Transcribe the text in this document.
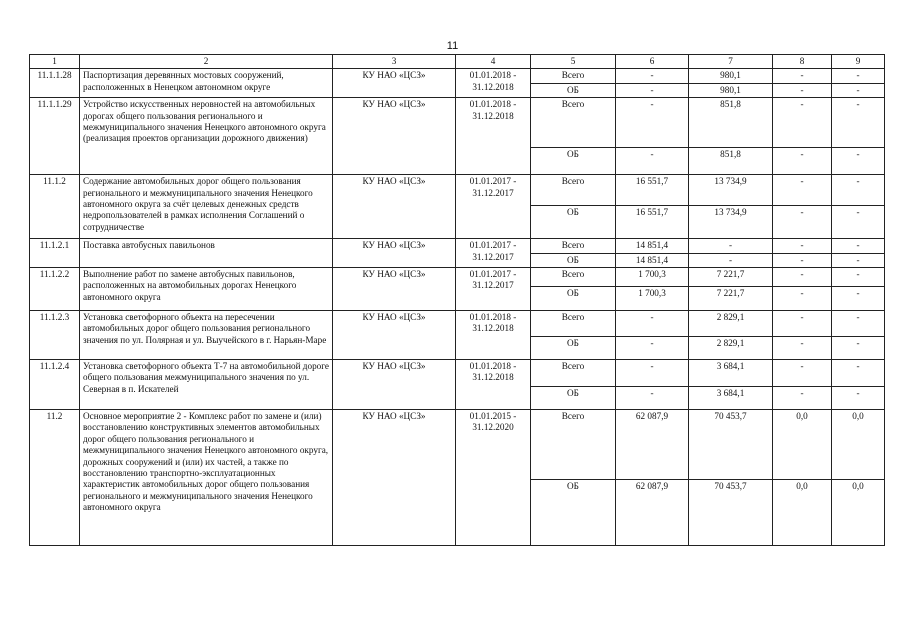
11
1	2	3	4	5	6	7	8	9
11.1.1.28	Паспортизация деревянных мостовых сооружений, расположенных в Ненецком автономном округе	КУ НАО «ЦСЗ»	01.01.2018 - 31.12.2018	Всего	-	980,1	-	-
				ОБ	-	980,1	-	-
11.1.1.29	Устройство искусственных неровностей на автомобильных дорогах общего пользования регионального и межмуниципального значения Ненецкого автономного округа (реализация проектов организации дорожного движения)	КУ НАО «ЦСЗ»	01.01.2018 - 31.12.2018	Всего	-	851,8	-	-
				ОБ	-	851,8	-	-
11.1.2	Содержание автомобильных дорог общего пользования регионального и межмуниципального значения Ненецкого автономного округа за счёт целевых денежных средств недропользователей в рамках исполнения Соглашений о сотрудничестве	КУ НАО «ЦСЗ»	01.01.2017 - 31.12.2017	Всего	16 551,7	13 734,9	-	-
				ОБ	16 551,7	13 734,9	-	-
11.1.2.1	Поставка автобусных павильонов	КУ НАО «ЦСЗ»	01.01.2017 - 31.12.2017	Всего	14 851,4	-	-	-
				ОБ	14 851,4	-	-	-
11.1.2.2	Выполнение работ по замене автобусных павильонов, расположенных на автомобильных дорогах Ненецкого автономного округа	КУ НАО «ЦСЗ»	01.01.2017 - 31.12.2017	Всего	1 700,3	7 221,7	-	-
				ОБ	1 700,3	7 221,7	-	-
11.1.2.3	Установка светофорного объекта на пересечении автомобильных дорог общего пользования регионального значения по ул. Полярная и ул. Выучейского в г. Нарьян-Маре	КУ НАО «ЦСЗ»	01.01.2018 - 31.12.2018	Всего	-	2 829,1	-	-
				ОБ	-	2 829,1	-	-
11.1.2.4	Установка светофорного объекта Т-7 на автомобильной дороге общего пользования межмуниципального значения по ул. Северная в п. Искателей	КУ НАО «ЦСЗ»	01.01.2018 - 31.12.2018	Всего	-	3 684,1	-	-
				ОБ	-	3 684,1	-	-
11.2	Основное мероприятие 2 - Комплекс работ по замене и (или) восстановлению конструктивных элементов автомобильных дорог общего пользования регионального и межмуниципального значения Ненецкого автономного округа, дорожных сооружений и (или) их частей, а также по восстановлению транспортно-эксплуатационных характеристик автомобильных дорог общего пользования регионального и межмуниципального значения Ненецкого автономного округа	КУ НАО «ЦСЗ»	01.01.2015 - 31.12.2020	Всего	62 087,9	70 453,7	0,0	0,0
				ОБ	62 087,9	70 453,7	0,0	0,0
